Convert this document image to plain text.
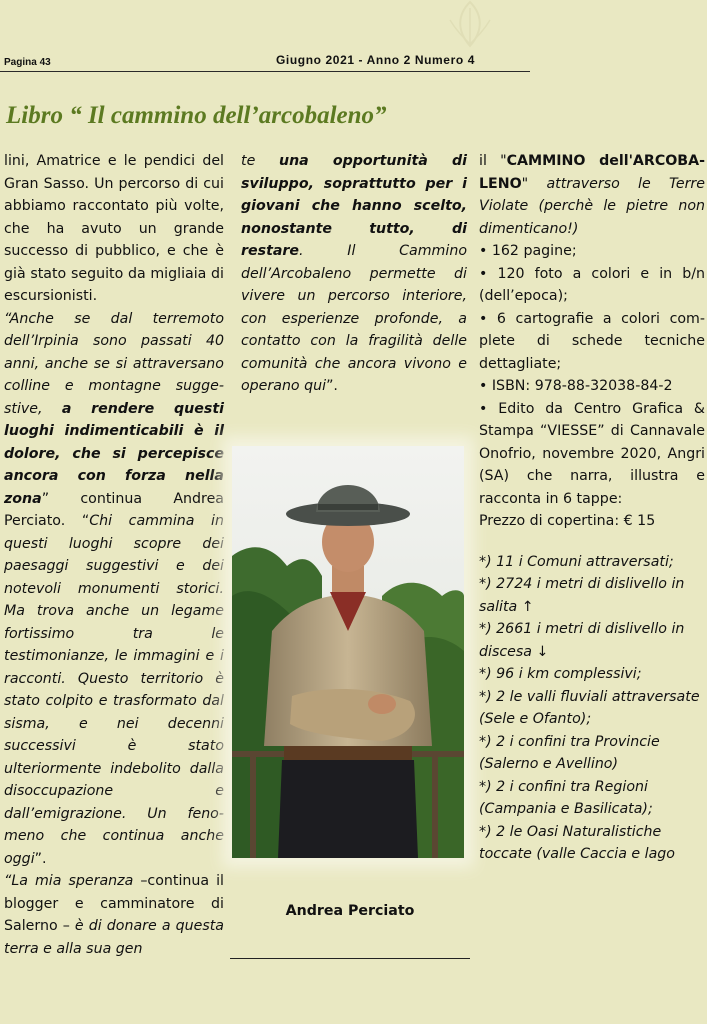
Pagina 43	Giugno 2021 - Anno 2 Numero 4
Libro “ Il cammino dell’arcobaleno”

lini, Amatrice e le pendici del Gran Sasso. Un percorso di cui abbiamo raccontato più volte, che ha avuto un grande successo di pubblico, e che è già stato seguito da migliaia di escursionisti.

“Anche se dal terremoto dell’Irpinia sono passati 40 anni, anche se si attraversano colline e montagne suggestive, a rendere questi luoghi indimenticabili è il dolore, che si percepisce ancora con forza nella zona” continua Andrea Perciato. “Chi cammina in questi luoghi scopre dei paesaggi suggestivi e dei notevoli monumenti storici. Ma trova anche un legame fortissimo tra le testimonianze, le immagini e i racconti. Questo territorio è stato colpito e trasformato dal sisma, e nei decenni successivi è stato ulteriormente indebolito dalla disoccupazione e dall’emigrazione. Un fenomeno che continua anche oggi”.

“La mia speranza –continua il blogger e camminatore di Salerno – è di donare a questa terra e alla sua gen

te una opportunità di sviluppo, soprattutto per i giovani che hanno scelto, nonostante tutto, di restare. Il Cammino dell’Arcobaleno permette di vivere un percorso interiore, con esperienze profonde, a contatto con la fragilità delle comunità che ancora vivono e operano qui”.

Andrea Perciato

il "CAMMINO dell'ARCOBALENO" attraverso le Terre Violate (perchè le pietre non dimenticano!)

• 162 pagine;
• 120 foto a colori e in b/n (dell’epoca);
• 6 cartografie a colori complete di schede tecniche dettagliate;
• ISBN: 978-88-32038-84-2
• Edito da Centro Grafica & Stampa “VIESSE” di Cannavale Onofrio, novembre 2020, Angri (SA) che narra, illustra e racconta in 6 tappe:

Prezzo di copertina: € 15

*) 11 i Comuni attraversati;
*) 2724 i metri di dislivello in salita ↑
*) 2661 i metri di dislivello in discesa ↓
*) 96 i km complessivi;
*) 2 le valli fluviali attraversate (Sele e Ofanto);
*) 2 i confini tra Provincie (Salerno e Avellino)
*) 2 i confini tra Regioni (Campania e Basilicata);
*) 2 le Oasi Naturalistiche toccate (valle Caccia e lago
